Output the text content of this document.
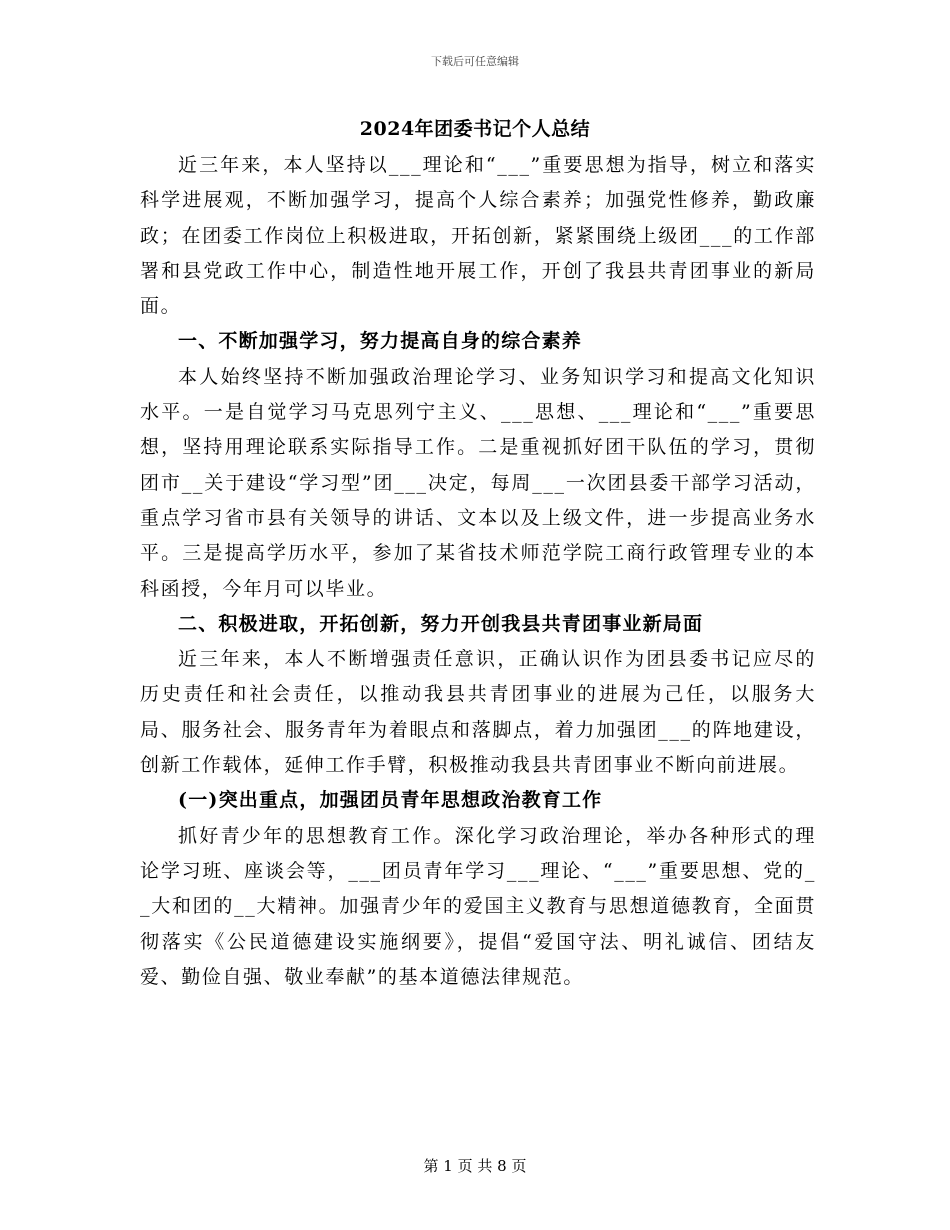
下载后可任意编辑
2024年团委书记个人总结

近三年来，本人坚持以___理论和“___”重要思想为指导，树立和落实科学进展观，不断加强学习，提高个人综合素养；加强党性修养，勤政廉政；在团委工作岗位上积极进取，开拓创新，紧紧围绕上级团___的工作部署和县党政工作中心，制造性地开展工作，开创了我县共青团事业的新局面。

一、不断加强学习，努力提高自身的综合素养

本人始终坚持不断加强政治理论学习、业务知识学习和提高文化知识水平。一是自觉学习马克思列宁主义、___思想、___理论和“___”重要思想，坚持用理论联系实际指导工作。二是重视抓好团干队伍的学习，贯彻团市__关于建设“学习型”团___决定，每周___一次团县委干部学习活动，重点学习省市县有关领导的讲话、文本以及上级文件，进一步提高业务水平。三是提高学历水平，参加了某省技术师范学院工商行政管理专业的本科函授，今年月可以毕业。

二、积极进取，开拓创新，努力开创我县共青团事业新局面

近三年来，本人不断增强责任意识，正确认识作为团县委书记应尽的历史责任和社会责任，以推动我县共青团事业的进展为己任，以服务大局、服务社会、服务青年为着眼点和落脚点，着力加强团___的阵地建设，创新工作载体，延伸工作手臂，积极推动我县共青团事业不断向前进展。

(一)突出重点，加强团员青年思想政治教育工作

抓好青少年的思想教育工作。深化学习政治理论，举办各种形式的理论学习班、座谈会等，___团员青年学习___理论、“___”重要思想、党的__大和团的__大精神。加强青少年的爱国主义教育与思想道德教育，全面贯彻落实《公民道德建设实施纲要》，提倡“爱国守法、明礼诚信、团结友爱、勤俭自强、敬业奉献”的基本道德法律规范。

第 1 页 共 8 页
